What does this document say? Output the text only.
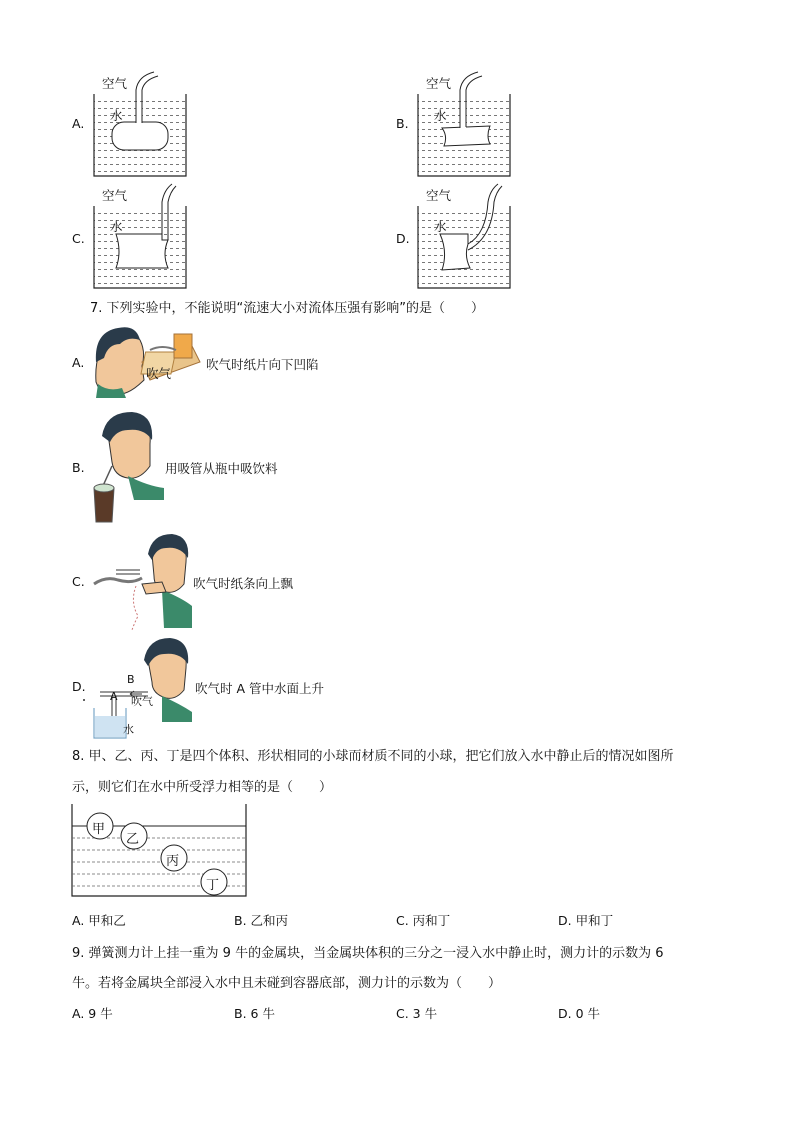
A.
空气
水
B.
空气
水
C.
空气
水
D.
空气
水
7. 下列实验中，不能说明“流速大小对流体压强有影响”的是（　　）
A.
吹气
吹气时纸片向下凹陷
B.	用吸管从瓶中吸饮料
C.	吹气时纸条向上飘
D.	B
A 吹气
水
吹气时 A 管中水面上升
8. 甲、乙、丙、丁是四个体积、形状相同的小球而材质不同的小球，把它们放入水中静止后的情况如图所
示，则它们在水中所受浮力相等的是（　　）
甲
乙
丙
丁
A. 甲和乙	B. 乙和丙	C. 丙和丁	D. 甲和丁
9. 弹簧测力计上挂一重为 9 牛的金属块，当金属块体积的三分之一浸入水中静止时，测力计的示数为 6
牛。若将金属块全部浸入水中且未碰到容器底部，测力计的示数为（　　）
A. 9 牛	B. 6 牛	C. 3 牛	D. 0 牛
